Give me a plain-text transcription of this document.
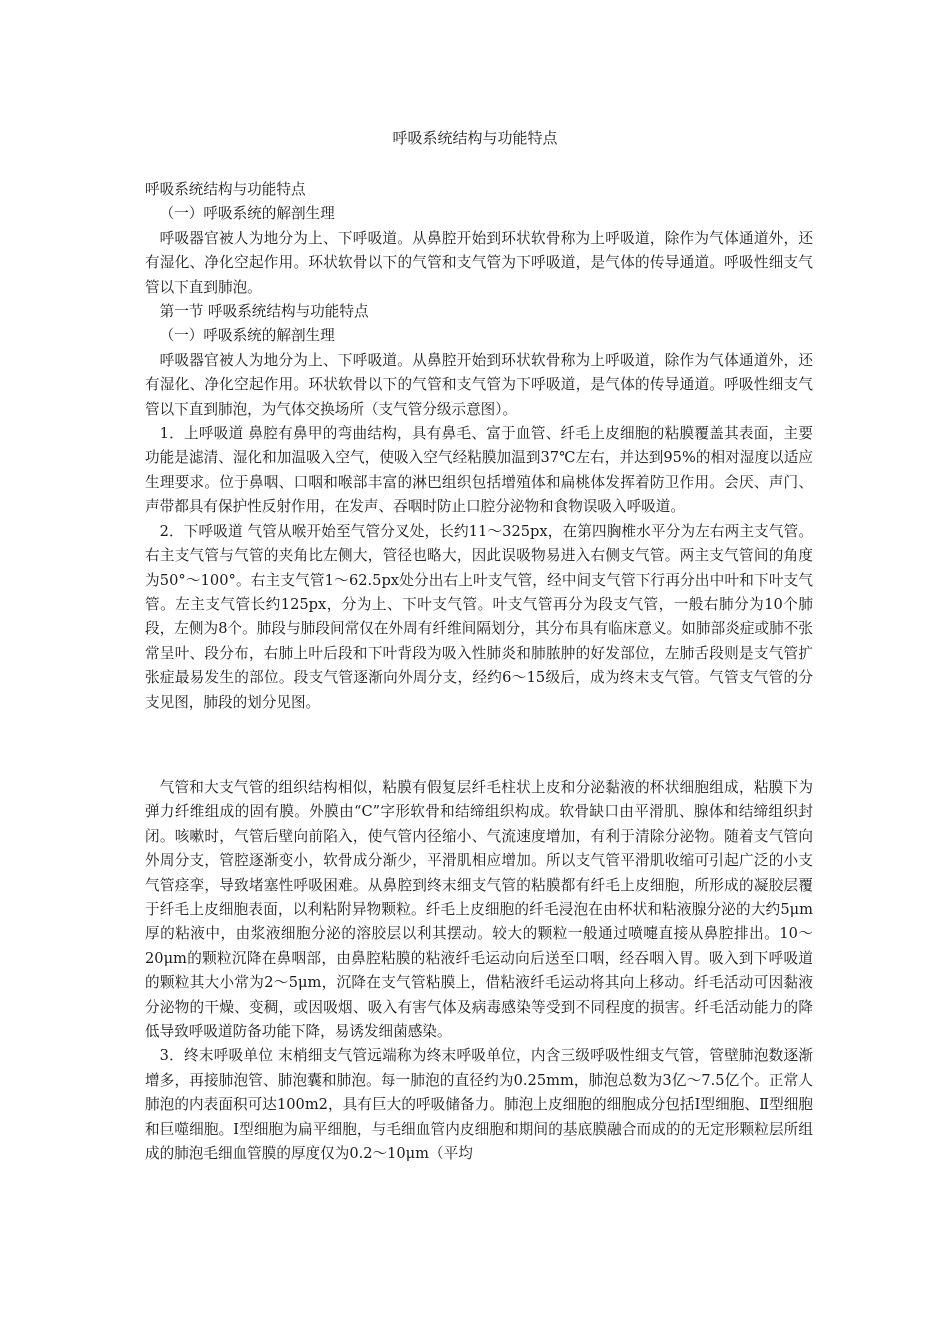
呼吸系统结构与功能特点

呼吸系统结构与功能特点

（一）呼吸系统的解剖生理

呼吸器官被人为地分为上、下呼吸道。从鼻腔开始到环状软骨称为上呼吸道，除作为气体通道外，还有湿化、净化空起作用。环状软骨以下的气管和支气管为下呼吸道，是气体的传导通道。呼吸性细支气管以下直到肺泡。

第一节 呼吸系统结构与功能特点

（一）呼吸系统的解剖生理

呼吸器官被人为地分为上、下呼吸道。从鼻腔开始到环状软骨称为上呼吸道，除作为气体通道外，还有湿化、净化空起作用。环状软骨以下的气管和支气管为下呼吸道，是气体的传导通道。呼吸性细支气管以下直到肺泡，为气体交换场所（支气管分级示意图）。

1．上呼吸道 鼻腔有鼻甲的弯曲结构，具有鼻毛、富于血管、纤毛上皮细胞的粘膜覆盖其表面，主要功能是滤清、湿化和加温吸入空气，使吸入空气经粘膜加温到37℃左右，并达到95%的相对湿度以适应生理要求。位于鼻咽、口咽和喉部丰富的淋巴组织包括增殖体和扁桃体发挥着防卫作用。会厌、声门、声带都具有保护性反射作用，在发声、吞咽时防止口腔分泌物和食物误吸入呼吸道。

2．下呼吸道 气管从喉开始至气管分叉处，长约11～325px，在第四胸椎水平分为左右两主支气管。右主支气管与气管的夹角比左侧大，管径也略大，因此误吸物易进入右侧支气管。两主支气管间的角度为50°～100°。右主支气管1～62.5px处分出右上叶支气管，经中间支气管下行再分出中叶和下叶支气管。左主支气管长约125px，分为上、下叶支气管。叶支气管再分为段支气管，一般右肺分为10个肺段，左侧为8个。肺段与肺段间常仅在外周有纤维间隔划分，其分布具有临床意义。如肺部炎症或肺不张常呈叶、段分布，右肺上叶后段和下叶背段为吸入性肺炎和肺脓肿的好发部位，左肺舌段则是支气管扩张症最易发生的部位。段支气管逐渐向外周分支，经约6～15级后，成为终末支气管。气管支气管的分支见图，肺段的划分见图。

气管和大支气管的组织结构相似，粘膜有假复层纤毛柱状上皮和分泌黏液的杯状细胞组成，粘膜下为弹力纤维组成的固有膜。外膜由“C”字形软骨和结缔组织构成。软骨缺口由平滑肌、腺体和结缔组织封闭。咳嗽时，气管后壁向前陷入，使气管内径缩小、气流速度增加，有利于清除分泌物。随着支气管向外周分支，管腔逐渐变小，软骨成分渐少，平滑肌相应增加。所以支气管平滑肌收缩可引起广泛的小支气管痉挛，导致堵塞性呼吸困难。从鼻腔到终末细支气管的粘膜都有纤毛上皮细胞，所形成的凝胶层覆于纤毛上皮细胞表面，以利粘附异物颗粒。纤毛上皮细胞的纤毛浸泡在由杯状和粘液腺分泌的大约5μm厚的粘液中，由浆液细胞分泌的溶胶层以利其摆动。较大的颗粒一般通过喷嚏直接从鼻腔排出。10～20μm的颗粒沉降在鼻咽部，由鼻腔粘膜的粘液纤毛运动向后送至口咽，经吞咽入胃。吸入到下呼吸道的颗粒其大小常为2～5μm，沉降在支气管粘膜上，借粘液纤毛运动将其向上移动。纤毛活动可因黏液分泌物的干燥、变稠，或因吸烟、吸入有害气体及病毒感染等受到不同程度的损害。纤毛活动能力的降低导致呼吸道防备功能下降，易诱发细菌感染。

3．终末呼吸单位 末梢细支气管远端称为终末呼吸单位，内含三级呼吸性细支气管，管壁肺泡数逐渐增多，再接肺泡管、肺泡囊和肺泡。每一肺泡的直径约为0.25mm，肺泡总数为3亿～7.5亿个。正常人肺泡的内表面积可达100m2，具有巨大的呼吸储备力。肺泡上皮细胞的细胞成分包括Ⅰ型细胞、Ⅱ型细胞和巨噬细胞。Ⅰ型细胞为扁平细胞，与毛细血管内皮细胞和期间的基底膜融合而成的的无定形颗粒层所组成的肺泡毛细血管膜的厚度仅为0.2～10μm（平均
